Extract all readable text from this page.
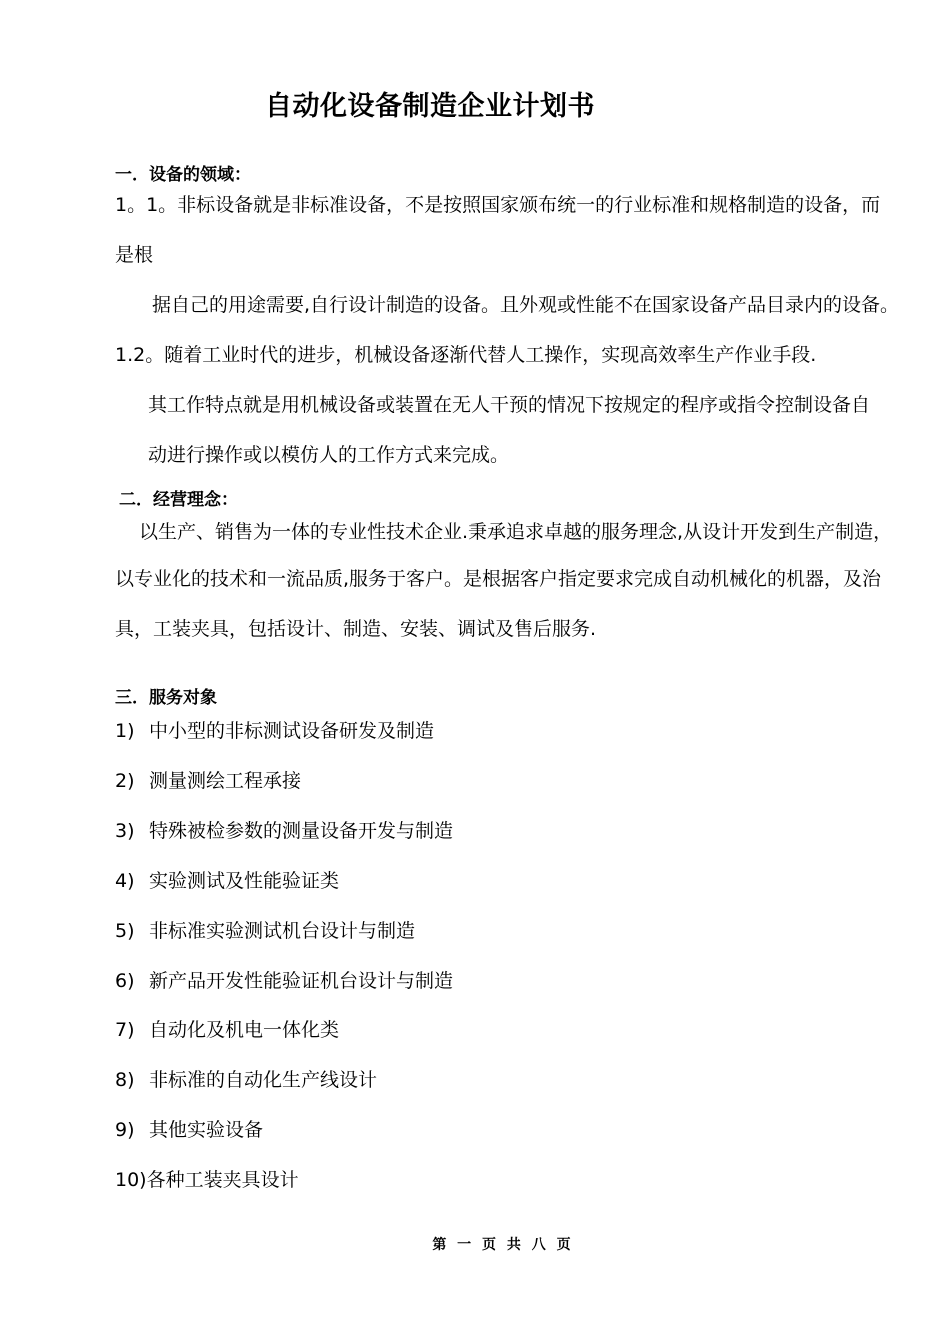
自动化设备制造企业计划书
一．设备的领域：
1。1。非标设备就是非标准设备，不是按照国家颁布统一的行业标准和规格制造的设备，而
是根
据自己的用途需要,自行设计制造的设备。且外观或性能不在国家设备产品目录内的设备。
1.2。随着工业时代的进步，机械设备逐渐代替人工操作，实现高效率生产作业手段.
其工作特点就是用机械设备或装置在无人干预的情况下按规定的程序或指令控制设备自
动进行操作或以模仿人的工作方式来完成。
二．经营理念：
以生产、销售为一体的专业性技术企业.秉承追求卓越的服务理念,从设计开发到生产制造，
以专业化的技术和一流品质,服务于客户。是根据客户指定要求完成自动机械化的机器，及治
具，工装夹具，包括设计、制造、安装、调试及售后服务.
三．服务对象
1) 中小型的非标测试设备研发及制造
2) 测量测绘工程承接
3) 特殊被检参数的测量设备开发与制造
4) 实验测试及性能验证类
5) 非标准实验测试机台设计与制造
6) 新产品开发性能验证机台设计与制造
7) 自动化及机电一体化类
8) 非标准的自动化生产线设计
9) 其他实验设备
10)各种工装夹具设计
第 一 页 共 八 页
